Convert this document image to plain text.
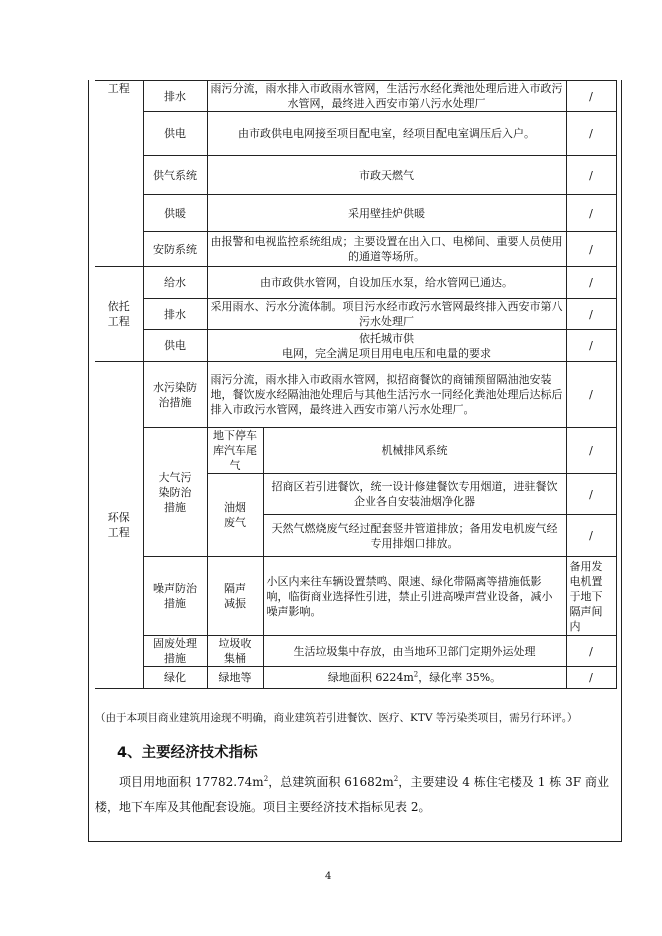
工程	排水	雨污分流，雨水排入市政雨水管网，生活污水经化粪池处理后进入市政污水管网，最终进入西安市第八污水处理厂		/
	供电	由市政供电电网接至项目配电室，经项目配电室调压后入户。		/
	供气系统	市政天燃气		/
	供暖	采用壁挂炉供暖		/
	安防系统	由报警和电视监控系统组成；主要设置在出入口、电梯间、重要人员使用的通道等场所。		/
依托工程	给水	由市政供水管网，自设加压水泵，给水管网已通达。		/
	排水	采用雨水、污水分流体制。项目污水经市政污水管网最终排入西安市第八污水处理厂		/
	供电	依托城市供
电网，完全满足项目用电电压和电量的要求		/
环保工程	水污染防治措施	雨污分流，雨水排入市政雨水管网，拟招商餐饮的商铺预留隔油池安装地，餐饮废水经隔油池处理后与其他生活污水一同经化粪池处理后达标后排入市政污水管网，最终进入西安市第八污水处理厂。		/
	大气污染防治措施	地下停车库汽车尾气	机械排风系统	/
		油烟废气	招商区若引进餐饮，统一设计修建餐饮专用烟道，进驻餐饮企业各自安装油烟净化器	/
			天然气燃烧废气经过配套竖井管道排放；备用发电机废气经专用排烟口排放。	/
	噪声防治措施	隔声减振	小区内来往车辆设置禁鸣、限速、绿化带隔离等措施低影响，临街商业选择性引进，禁止引进高噪声营业设备，减小噪声影响。	备用发电机置于地下隔声间内
	固废处理措施	垃圾收集桶	生活垃圾集中存放，由当地环卫部门定期外运处理	/
	绿化	绿地等	绿地面积 $6224m^2$，绿化率 35%。	/

（由于本项目商业建筑用途现不明确，商业建筑若引进餐饮、医疗、KTV 等污染类项目，需另行环评。）
4、主要经济技术指标
项目用地面积 $17782.74m^2$，总建筑面积 $61682m^2$，主要建设 4 栋住宅楼及 1 栋 3F 商业楼，地下车库及其他配套设施。项目主要经济技术指标见表 2。
4
